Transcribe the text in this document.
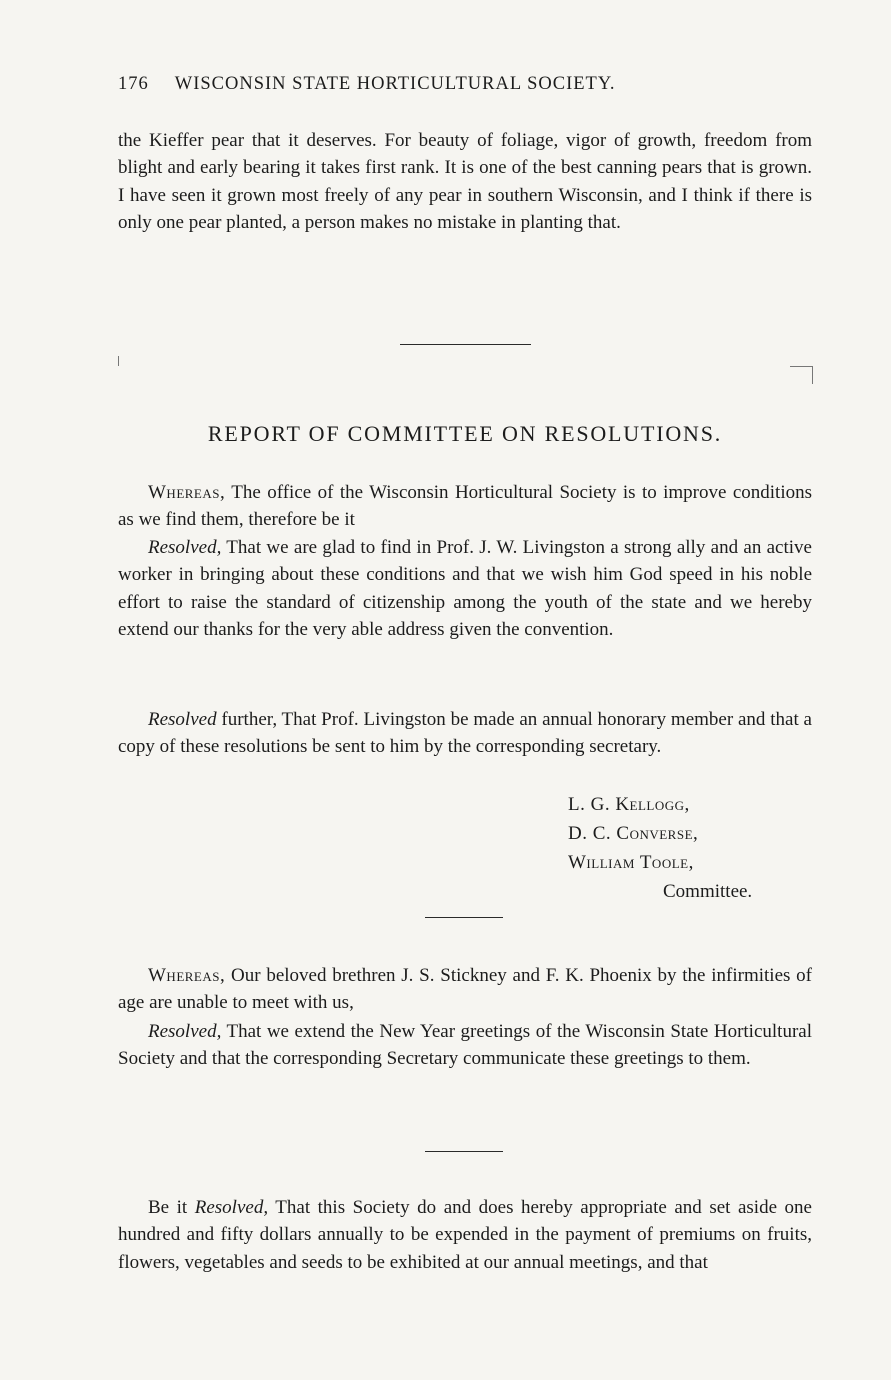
176 WISCONSIN STATE HORTICULTURAL SOCIETY.

the Kieffer pear that it deserves. For beauty of foliage, vigor of growth, freedom from blight and early bearing it takes first rank. It is one of the best canning pears that is grown. I have seen it grown most freely of any pear in southern Wisconsin, and I think if there is only one pear planted, a person makes no mistake in planting that.

REPORT OF COMMITTEE ON RESOLUTIONS.

Whereas, The office of the Wisconsin Horticultural Society is to improve conditions as we find them, therefore be it

Resolved, That we are glad to find in Prof. J. W. Livingston a strong ally and an active worker in bringing about these conditions and that we wish him God speed in his noble effort to raise the standard of citizenship among the youth of the state and we hereby extend our thanks for the very able address given the convention.

Resolved further, That Prof. Livingston be made an annual honorary member and that a copy of these resolutions be sent to him by the corresponding secretary.

L. G. Kellogg,
D. C. Converse,
William Toole,
Committee.

Whereas, Our beloved brethren J. S. Stickney and F. K. Phoenix by the infirmities of age are unable to meet with us,

Resolved, That we extend the New Year greetings of the Wisconsin State Horticultural Society and that the corresponding Secretary communicate these greetings to them.

Be it Resolved, That this Society do and does hereby appropriate and set aside one hundred and fifty dollars annually to be expended in the payment of premiums on fruits, flowers, vegetables and seeds to be exhibited at our annual meetings, and that
